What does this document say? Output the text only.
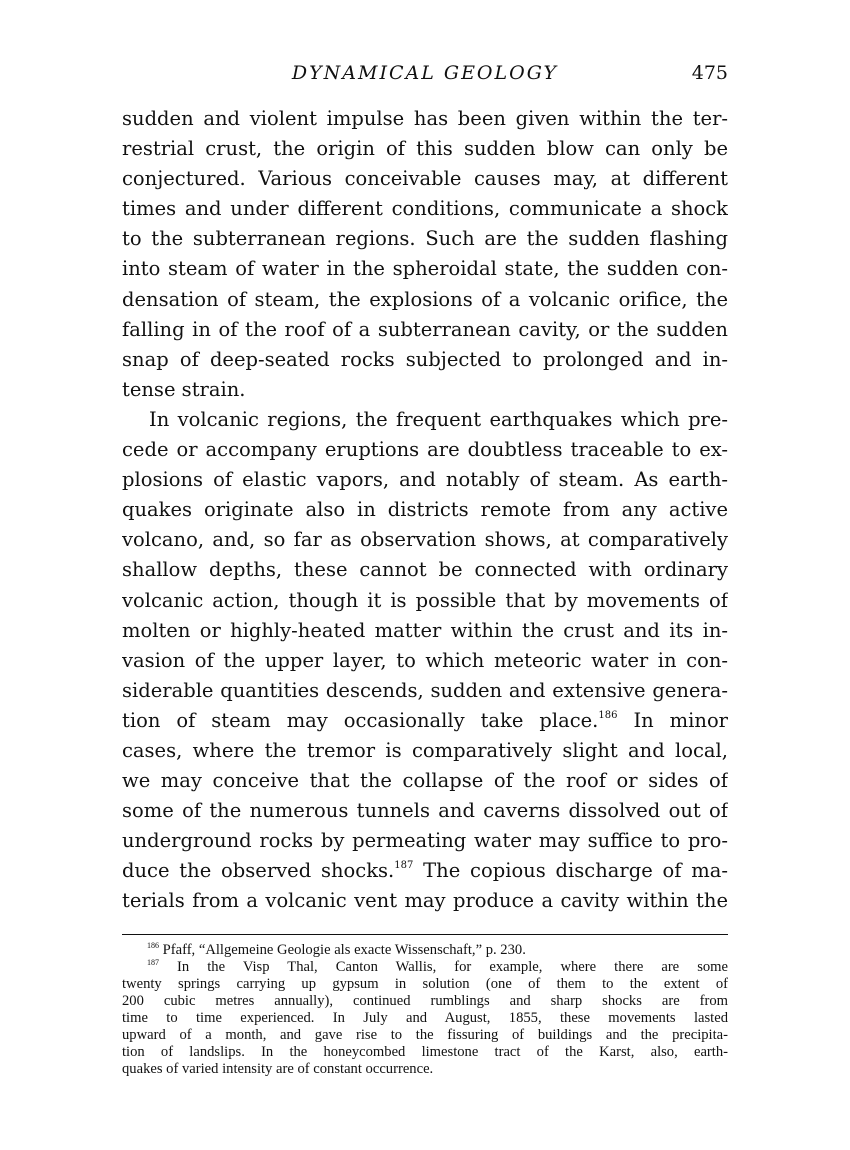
DYNAMICAL GEOLOGY	475
sudden and violent impulse has been given within the ter-
restrial crust, the origin of this sudden blow can only be
conjectured. Various conceivable causes may, at different
times and under different conditions, communicate a shock
to the subterranean regions. Such are the sudden flashing
into steam of water in the spheroidal state, the sudden con-
densation of steam, the explosions of a volcanic orifice, the
falling in of the roof of a subterranean cavity, or the sudden
snap of deep-seated rocks subjected to prolonged and in-
tense strain.
In volcanic regions, the frequent earthquakes which pre-
cede or accompany eruptions are doubtless traceable to ex-
plosions of elastic vapors, and notably of steam. As earth-
quakes originate also in districts remote from any active
volcano, and, so far as observation shows, at comparatively
shallow depths, these cannot be connected with ordinary
volcanic action, though it is possible that by movements of
molten or highly-heated matter within the crust and its in-
vasion of the upper layer, to which meteoric water in con-
siderable quantities descends, sudden and extensive genera-
tion of steam may occasionally take place.$^{186}$ In minor
cases, where the tremor is comparatively slight and local,
we may conceive that the collapse of the roof or sides of
some of the numerous tunnels and caverns dissolved out of
underground rocks by permeating water may suffice to pro-
duce the observed shocks.$^{187}$ The copious discharge of ma-
terials from a volcanic vent may produce a cavity within the
$^{186}$ Pfaff, “Allgemeine Geologie als exacte Wissenschaft,” p. 230.
$^{187}$ In the Visp Thal, Canton Wallis, for example, where there are some
twenty springs carrying up gypsum in solution (one of them to the extent of
200 cubic metres annually), continued rumblings and sharp shocks are from
time to time experienced. In July and August, 1855, these movements lasted
upward of a month, and gave rise to the fissuring of buildings and the precipita-
tion of landslips. In the honeycombed limestone tract of the Karst, also, earth-
quakes of varied intensity are of constant occurrence.
